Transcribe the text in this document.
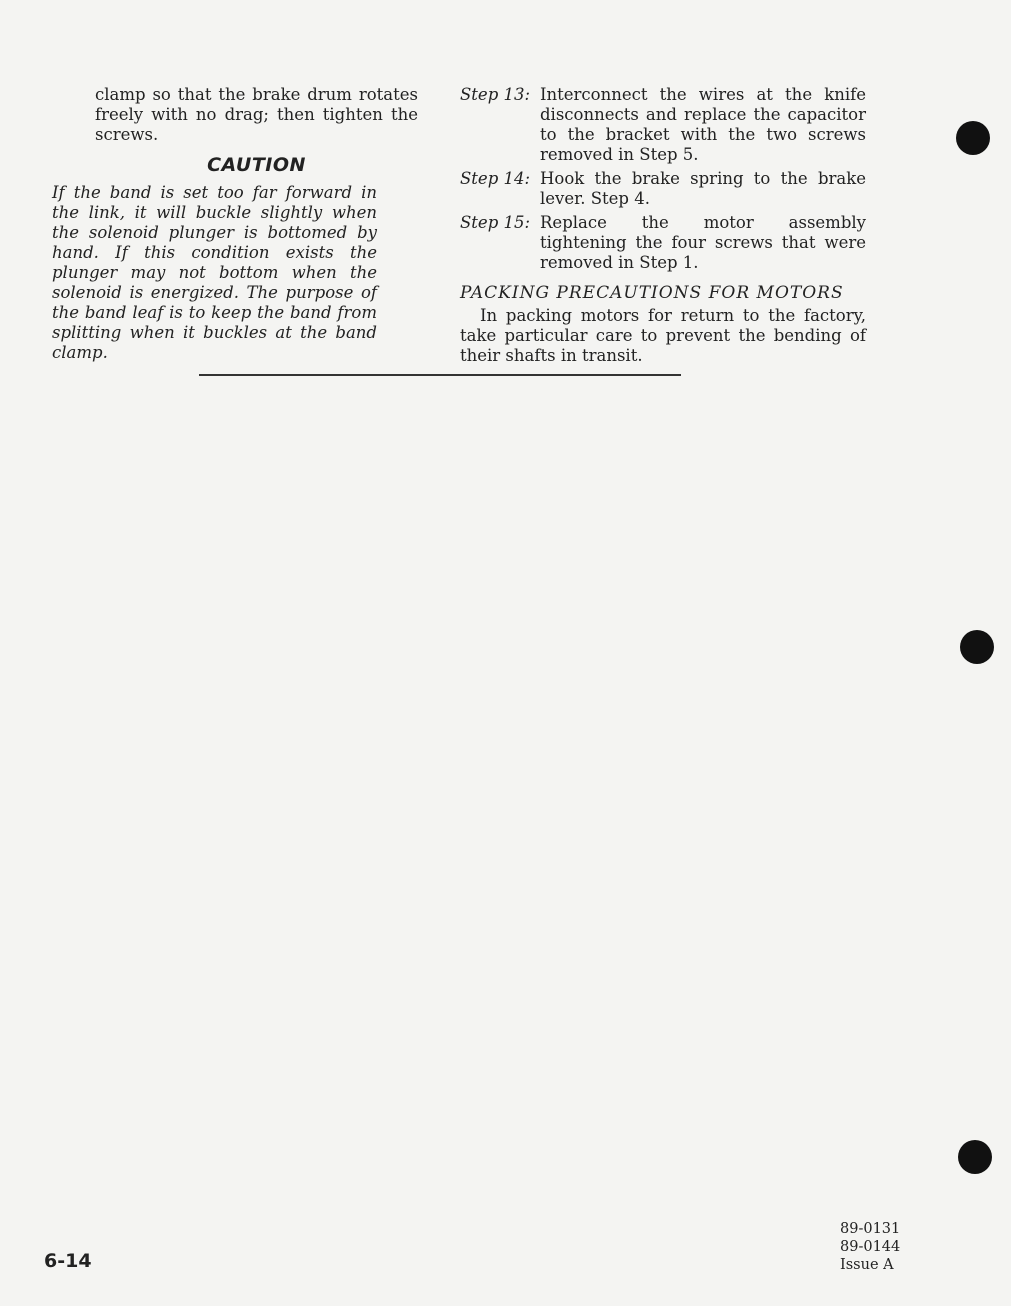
clamp so that the brake drum rotates freely with no drag; then tighten the screws.

CAUTION

If the band is set too far forward in the link, it will buckle slightly when the solenoid plunger is bottomed by hand. If this condition exists the plunger may not bottom when the solenoid is energized. The purpose of the band leaf is to keep the band from splitting when it buckles at the band clamp.

Step 13: Interconnect the wires at the knife disconnects and replace the capacitor to the bracket with the two screws removed in Step 5.
Step 14: Hook the brake spring to the brake lever. Step 4.
Step 15: Replace the motor assembly tightening the four screws that were removed in Step 1.
PACKING PRECAUTIONS FOR MOTORS

In packing motors for return to the factory, take particular care to prevent the bending of their shafts in transit.

6-14
89-0131
89-0144
Issue A
